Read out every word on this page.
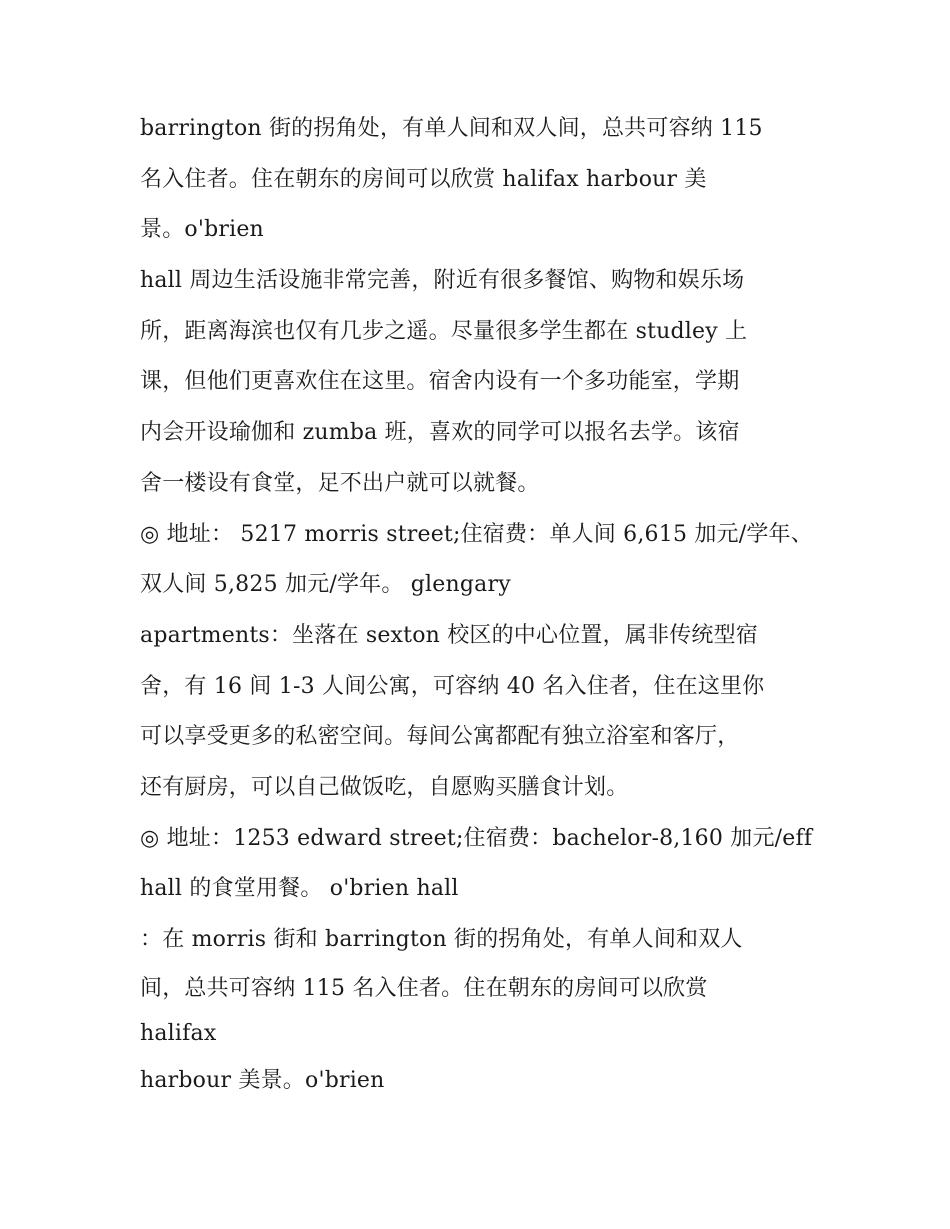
barrington 街的拐角处，有单人间和双人间，总共可容纳 115
名入住者。住在朝东的房间可以欣赏 halifax harbour 美
景。o'brien
hall 周边生活设施非常完善，附近有很多餐馆、购物和娱乐场
所，距离海滨也仅有几步之遥。尽量很多学生都在 studley 上
课，但他们更喜欢住在这里。宿舍内设有一个多功能室，学期
内会开设瑜伽和 zumba 班，喜欢的同学可以报名去学。该宿
舍一楼设有食堂，足不出户就可以就餐。
◎ 地址： 5217 morris street;住宿费：单人间 6,615 加元/学年、
双人间 5,825 加元/学年。 glengary
apartments：坐落在 sexton 校区的中心位置，属非传统型宿
舍，有 16 间 1-3 人间公寓，可容纳 40 名入住者，住在这里你
可以享受更多的私密空间。每间公寓都配有独立浴室和客厅，
还有厨房，可以自己做饭吃，自愿购买膳食计划。
◎ 地址：1253 edward street;住宿费：bachelor-8,160 加元/eff
hall 的食堂用餐。 o'brien hall
：在 morris 街和 barrington 街的拐角处，有单人间和双人
间，总共可容纳 115 名入住者。住在朝东的房间可以欣赏
halifax
harbour 美景。o'brien
